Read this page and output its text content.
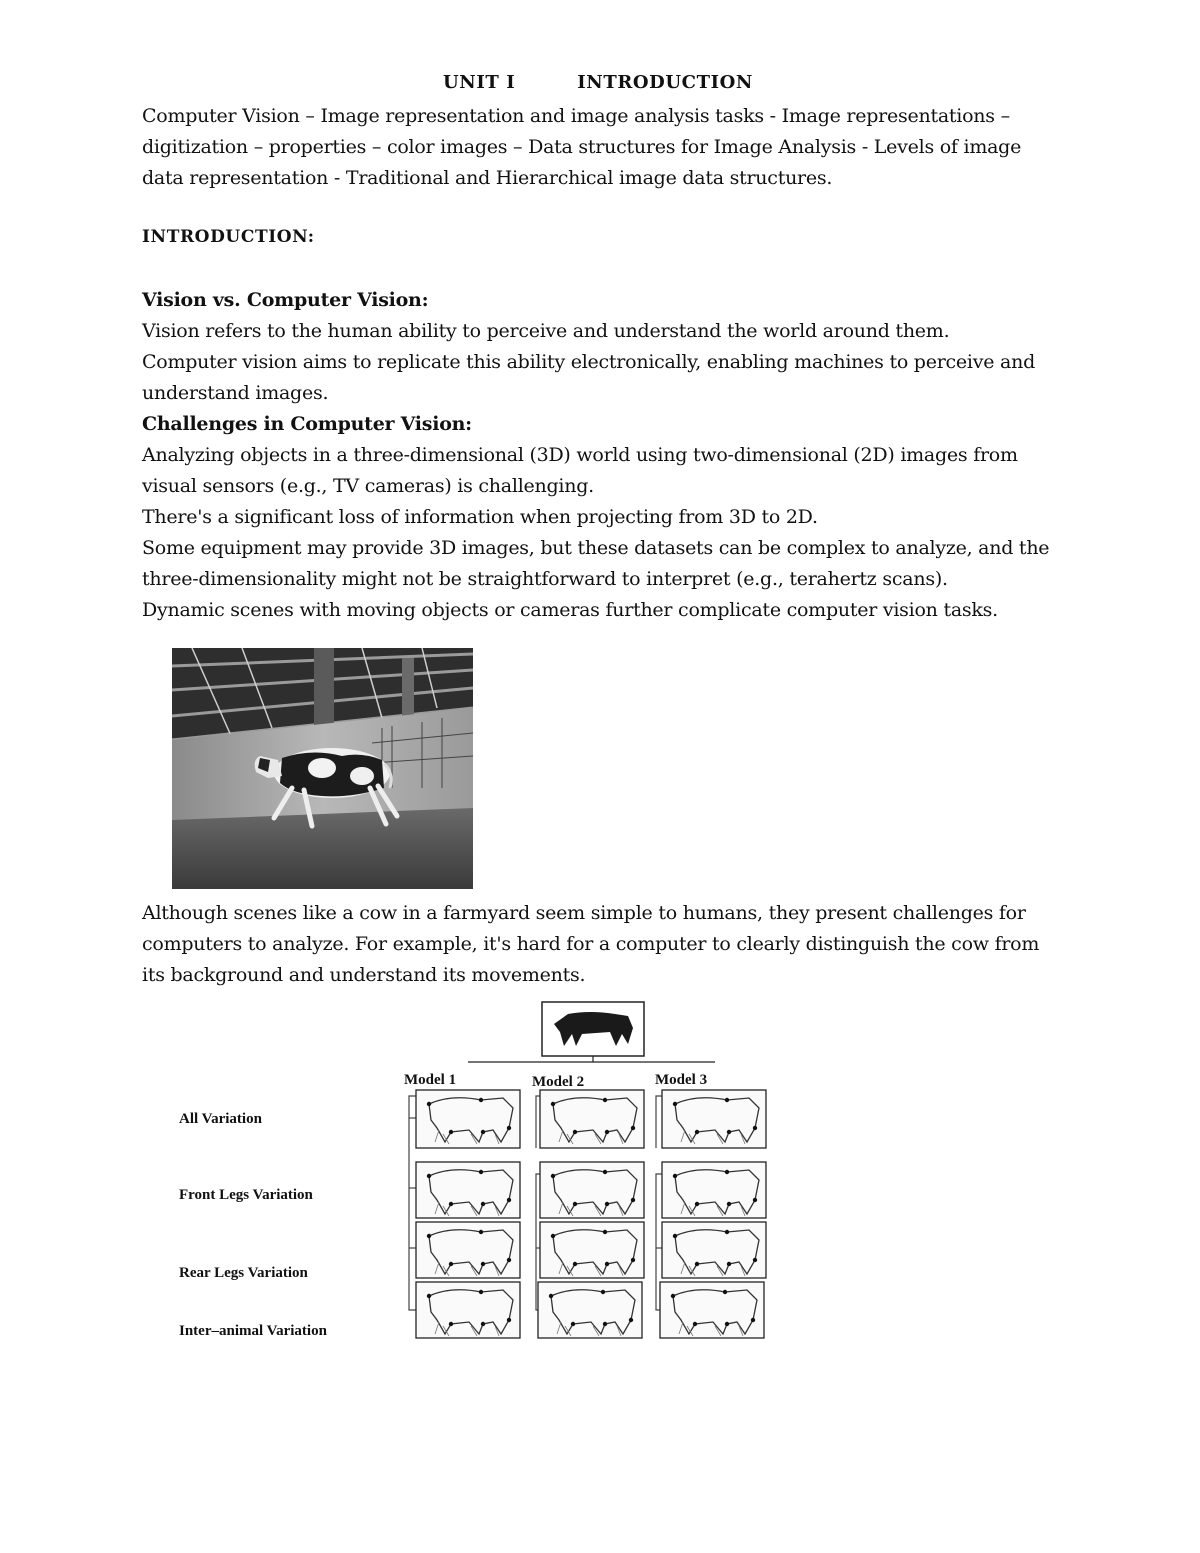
UNIT I	INTRODUCTION
Computer Vision – Image representation and image analysis tasks - Image representations –
digitization – properties – color images – Data structures for Image Analysis - Levels of image
data representation - Traditional and Hierarchical image data structures.
INTRODUCTION:
Vision vs. Computer Vision:
Vision refers to the human ability to perceive and understand the world around them.
Computer vision aims to replicate this ability electronically, enabling machines to perceive and
understand images.
Challenges in Computer Vision:
Analyzing objects in a three-dimensional (3D) world using two-dimensional (2D) images from
visual sensors (e.g., TV cameras) is challenging.
There's a significant loss of information when projecting from 3D to 2D.
Some equipment may provide 3D images, but these datasets can be complex to analyze, and the
three-dimensionality might not be straightforward to interpret (e.g., terahertz scans).
Dynamic scenes with moving objects or cameras further complicate computer vision tasks.
Although scenes like a cow in a farmyard seem simple to humans, they present challenges for
computers to analyze. For example, it's hard for a computer to clearly distinguish the cow from
its background and understand its movements.
Model 1	Model 2	Model 3
All Variation
Front Legs Variation
Rear Legs Variation
Inter–animal Variation
